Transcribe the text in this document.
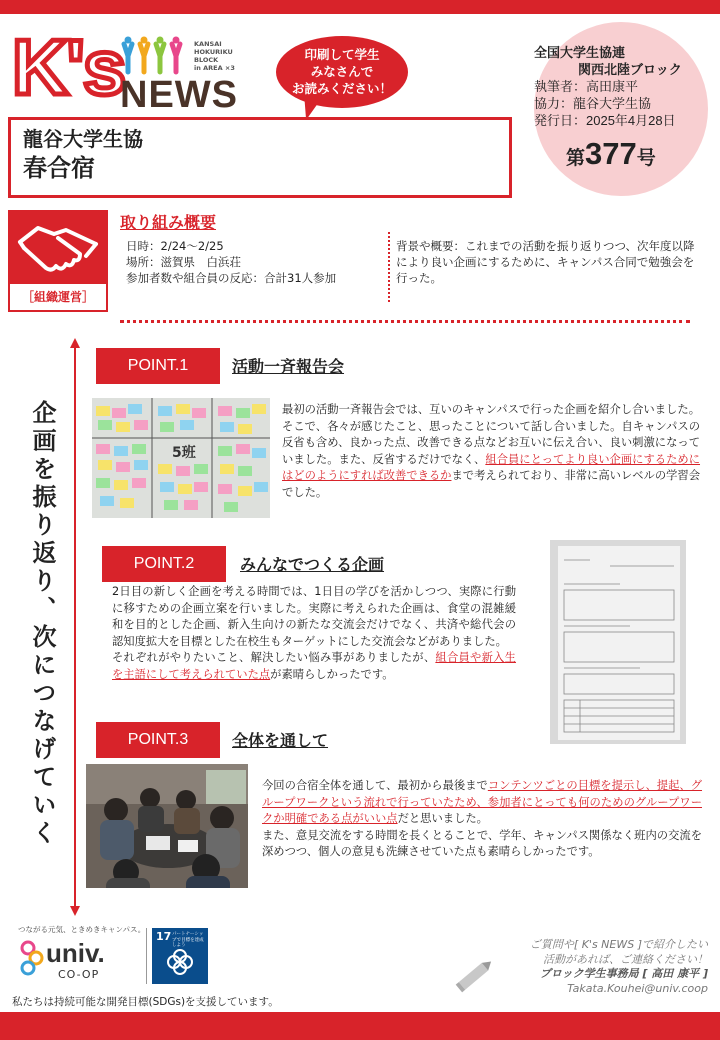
K's	KANSAI
HOKURIKU
BLOCK
in AREA ×3
NEWS
印刷して学生
みなさんで
お読みください！
全国大学生協連
関西北陸ブロック
執筆者：高田康平
協力：龍谷大学生協
発行日：2025年4月28日
第377号
龍谷大学生協
春合宿
［組織運営］
取り組み概要
日時：2/24～2/25
場所：滋賀県　白浜荘
参加者数や組合員の反応：合計31人参加
背景や概要：これまでの活動を振り返りつつ、次年度以降により良い企画にするために、キャンパス合同で勉強会を行った。
企画を振り返り、次につなげていく
POINT.1	活動一斉報告会
5班
最初の活動一斉報告会では、互いのキャンパスで行った企画を紹介し合いました。そこで、各々が感じたこと、思ったことについて話し合いました。自キャンパスの反省も含め、良かった点、改善できる点などお互いに伝え合い、良い刺激になっていました。また、反省するだけでなく、組合員にとってより良い企画にするためにはどのようにすれば改善できるかまで考えられており、非常に高いレベルの学習会でした。
POINT.2	みんなでつくる企画
2日目の新しく企画を考える時間では、1日目の学びを活かしつつ、実際に行動に移すための企画立案を行いました。実際に考えられた企画は、食堂の混雑緩和を目的とした企画、新入生向けの新たな交流会だけでなく、共済や総代会の認知度拡大を目標とした在校生もターゲットにした交流会などがありました。
それぞれがやりたいこと、解決したい悩み事がありましたが、組合員や新入生を主語にして考えられていた点が素晴らしかったです。
POINT.3	全体を通して
今回の合宿全体を通して、最初から最後までコンテンツごとの目標を提示し、提起、グループワークという流れで行っていたため、参加者にとっても何のためのグループワークか明確である点がいい点だと思いました。
また、意見交流をする時間を長くとることで、学年、キャンパス関係なく班内の交流を深めつつ、個人の意見も洗練させていた点も素晴らしかったです。
つながる元気、ときめきキャンパス。
univ.
CO-OP
17 パートナーシップで目標を達成しよう
私たちは持続可能な開発目標(SDGs)を支援しています。
ご質問や[ K's NEWS ]で紹介したい
活動があれば、ご連絡ください！
ブロック学生事務局 [ 高田 康平 ]
Takata.Kouhei@univ.coop
